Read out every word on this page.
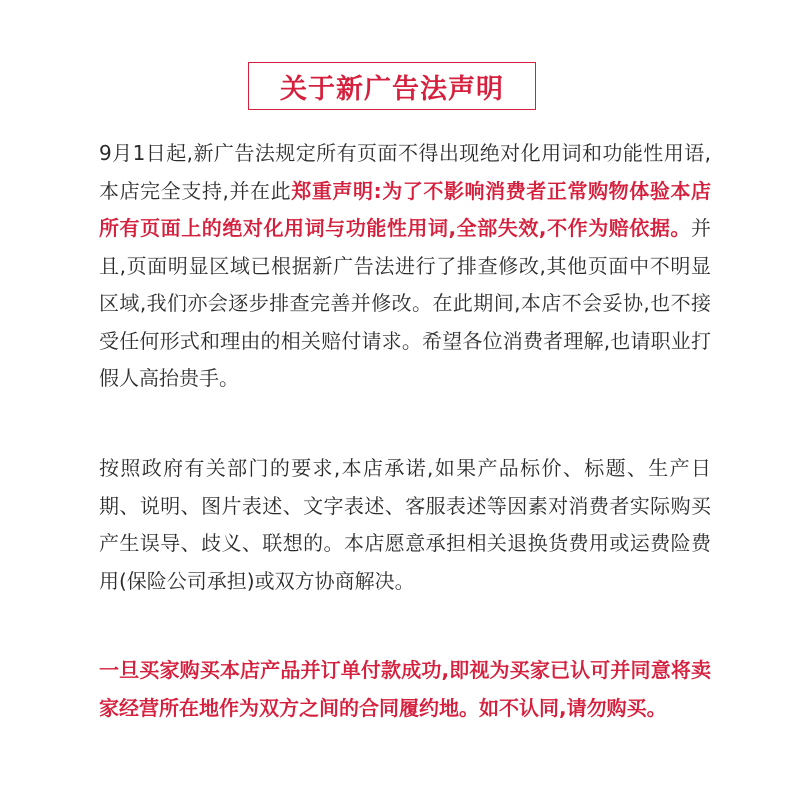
关于新广告法声明

9月1日起,新广告法规定所有页面不得出现绝对化用词和功能性用语,本店完全支持,并在此郑重声明:为了不影响消费者正常购物体验本店所有页面上的绝对化用词与功能性用词,全部失效,不作为赔依据。并且,页面明显区域已根据新广告法进行了排查修改,其他页面中不明显区域,我们亦会逐步排查完善并修改。在此期间,本店不会妥协,也不接受任何形式和理由的相关赔付请求。希望各位消费者理解,也请职业打假人高抬贵手。

按照政府有关部门的要求,本店承诺,如果产品标价、标题、生产日期、说明、图片表述、文字表述、客服表述等因素对消费者实际购买产生误导、歧义、联想的。本店愿意承担相关退换货费用或运费险费用(保险公司承担)或双方协商解决。

一旦买家购买本店产品并订单付款成功,即视为买家已认可并同意将卖家经营所在地作为双方之间的合同履约地。如不认同,请勿购买。
